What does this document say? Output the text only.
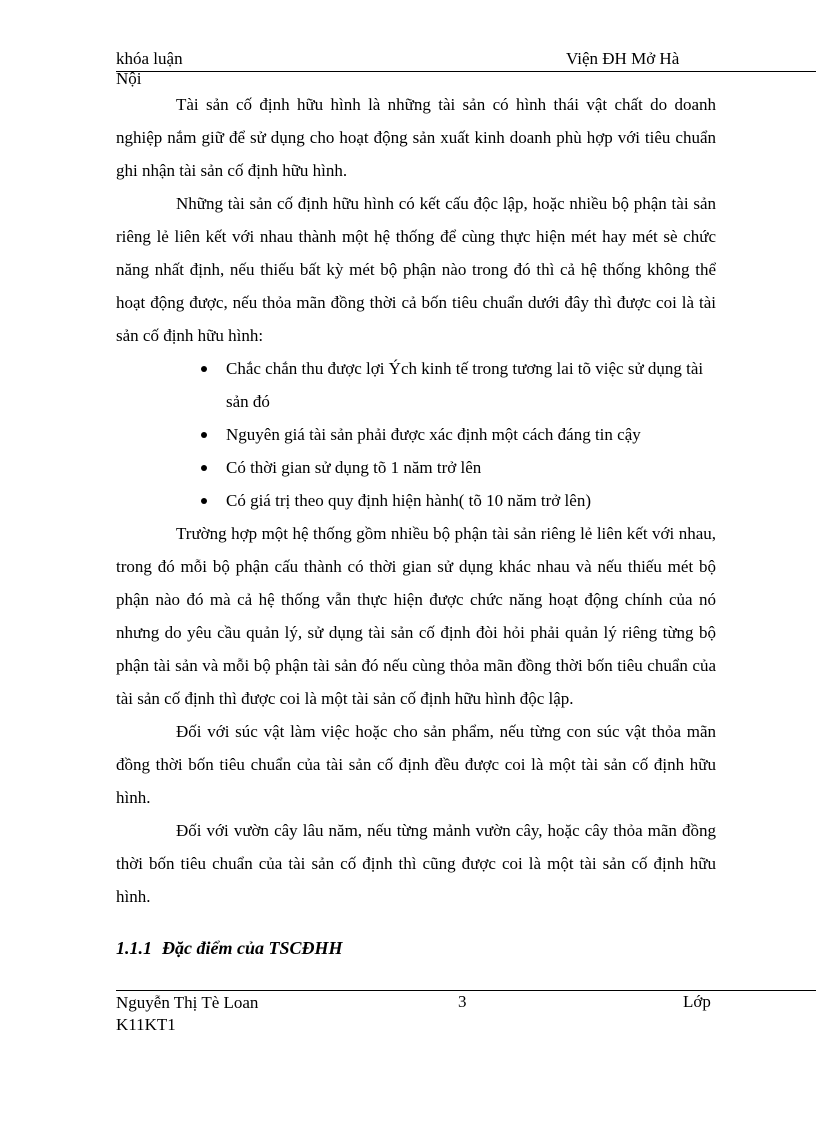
khóa luận
Nội
Viện ĐH Mở Hà

Tài sản cố định hữu hình là những tài sản có hình thái vật chất do doanh nghiệp nắm giữ để sử dụng cho hoạt động sản xuất kinh doanh phù hợp với tiêu chuẩn ghi nhận tài sản cố định hữu hình.

Những tài sản cố định hữu hình có kết cấu độc lập, hoặc nhiều bộ phận tài sản riêng lẻ liên kết với nhau thành một hệ thống để cùng thực hiện mét hay mét sè chức năng nhất định, nếu thiếu bất kỳ mét bộ phận nào trong đó thì cả hệ thống không thể hoạt động được, nếu thỏa mãn đồng thời cả bốn tiêu chuẩn dưới đây thì được coi là tài sản cố định hữu hình:

Chắc chắn thu được lợi Ých kinh tế trong tương lai tõ việc sử dụng tài sản đó
Nguyên giá tài sản phải được xác định một cách đáng tin cậy
Có thời gian sử dụng tõ 1 năm trở lên
Có giá trị theo quy định hiện hành( tõ 10 năm trở lên)

Trường hợp một hệ thống gồm nhiều bộ phận tài sản riêng lẻ liên kết với nhau, trong đó mỗi bộ phận cấu thành có thời gian sử dụng khác nhau và nếu thiếu mét bộ phận nào đó mà cả hệ thống vẫn thực hiện được chức năng hoạt động chính của nó nhưng do yêu cầu quản lý, sử dụng tài sản cố định đòi hỏi phải quản lý riêng từng bộ phận tài sản và mỗi bộ phận tài sản đó nếu cùng thỏa mãn đồng thời bốn tiêu chuẩn của tài sản cố định thì được coi là một tài sản cố định hữu hình độc lập.

Đối với súc vật làm việc hoặc cho sản phẩm, nếu từng con súc vật thỏa mãn đồng thời bốn tiêu chuẩn của tài sản cố định đều được coi là một tài sản cố định hữu hình.

Đối với vườn cây lâu năm, nếu từng mảnh vườn cây, hoặc cây thỏa mãn đồng thời bốn tiêu chuẩn của tài sản cố định thì cũng được coi là một tài sản cố định hữu hình.

1.1.1 Đặc điểm của TSCĐHH
Nguyễn Thị Tè Loan
K11KT1
3	Lớp
